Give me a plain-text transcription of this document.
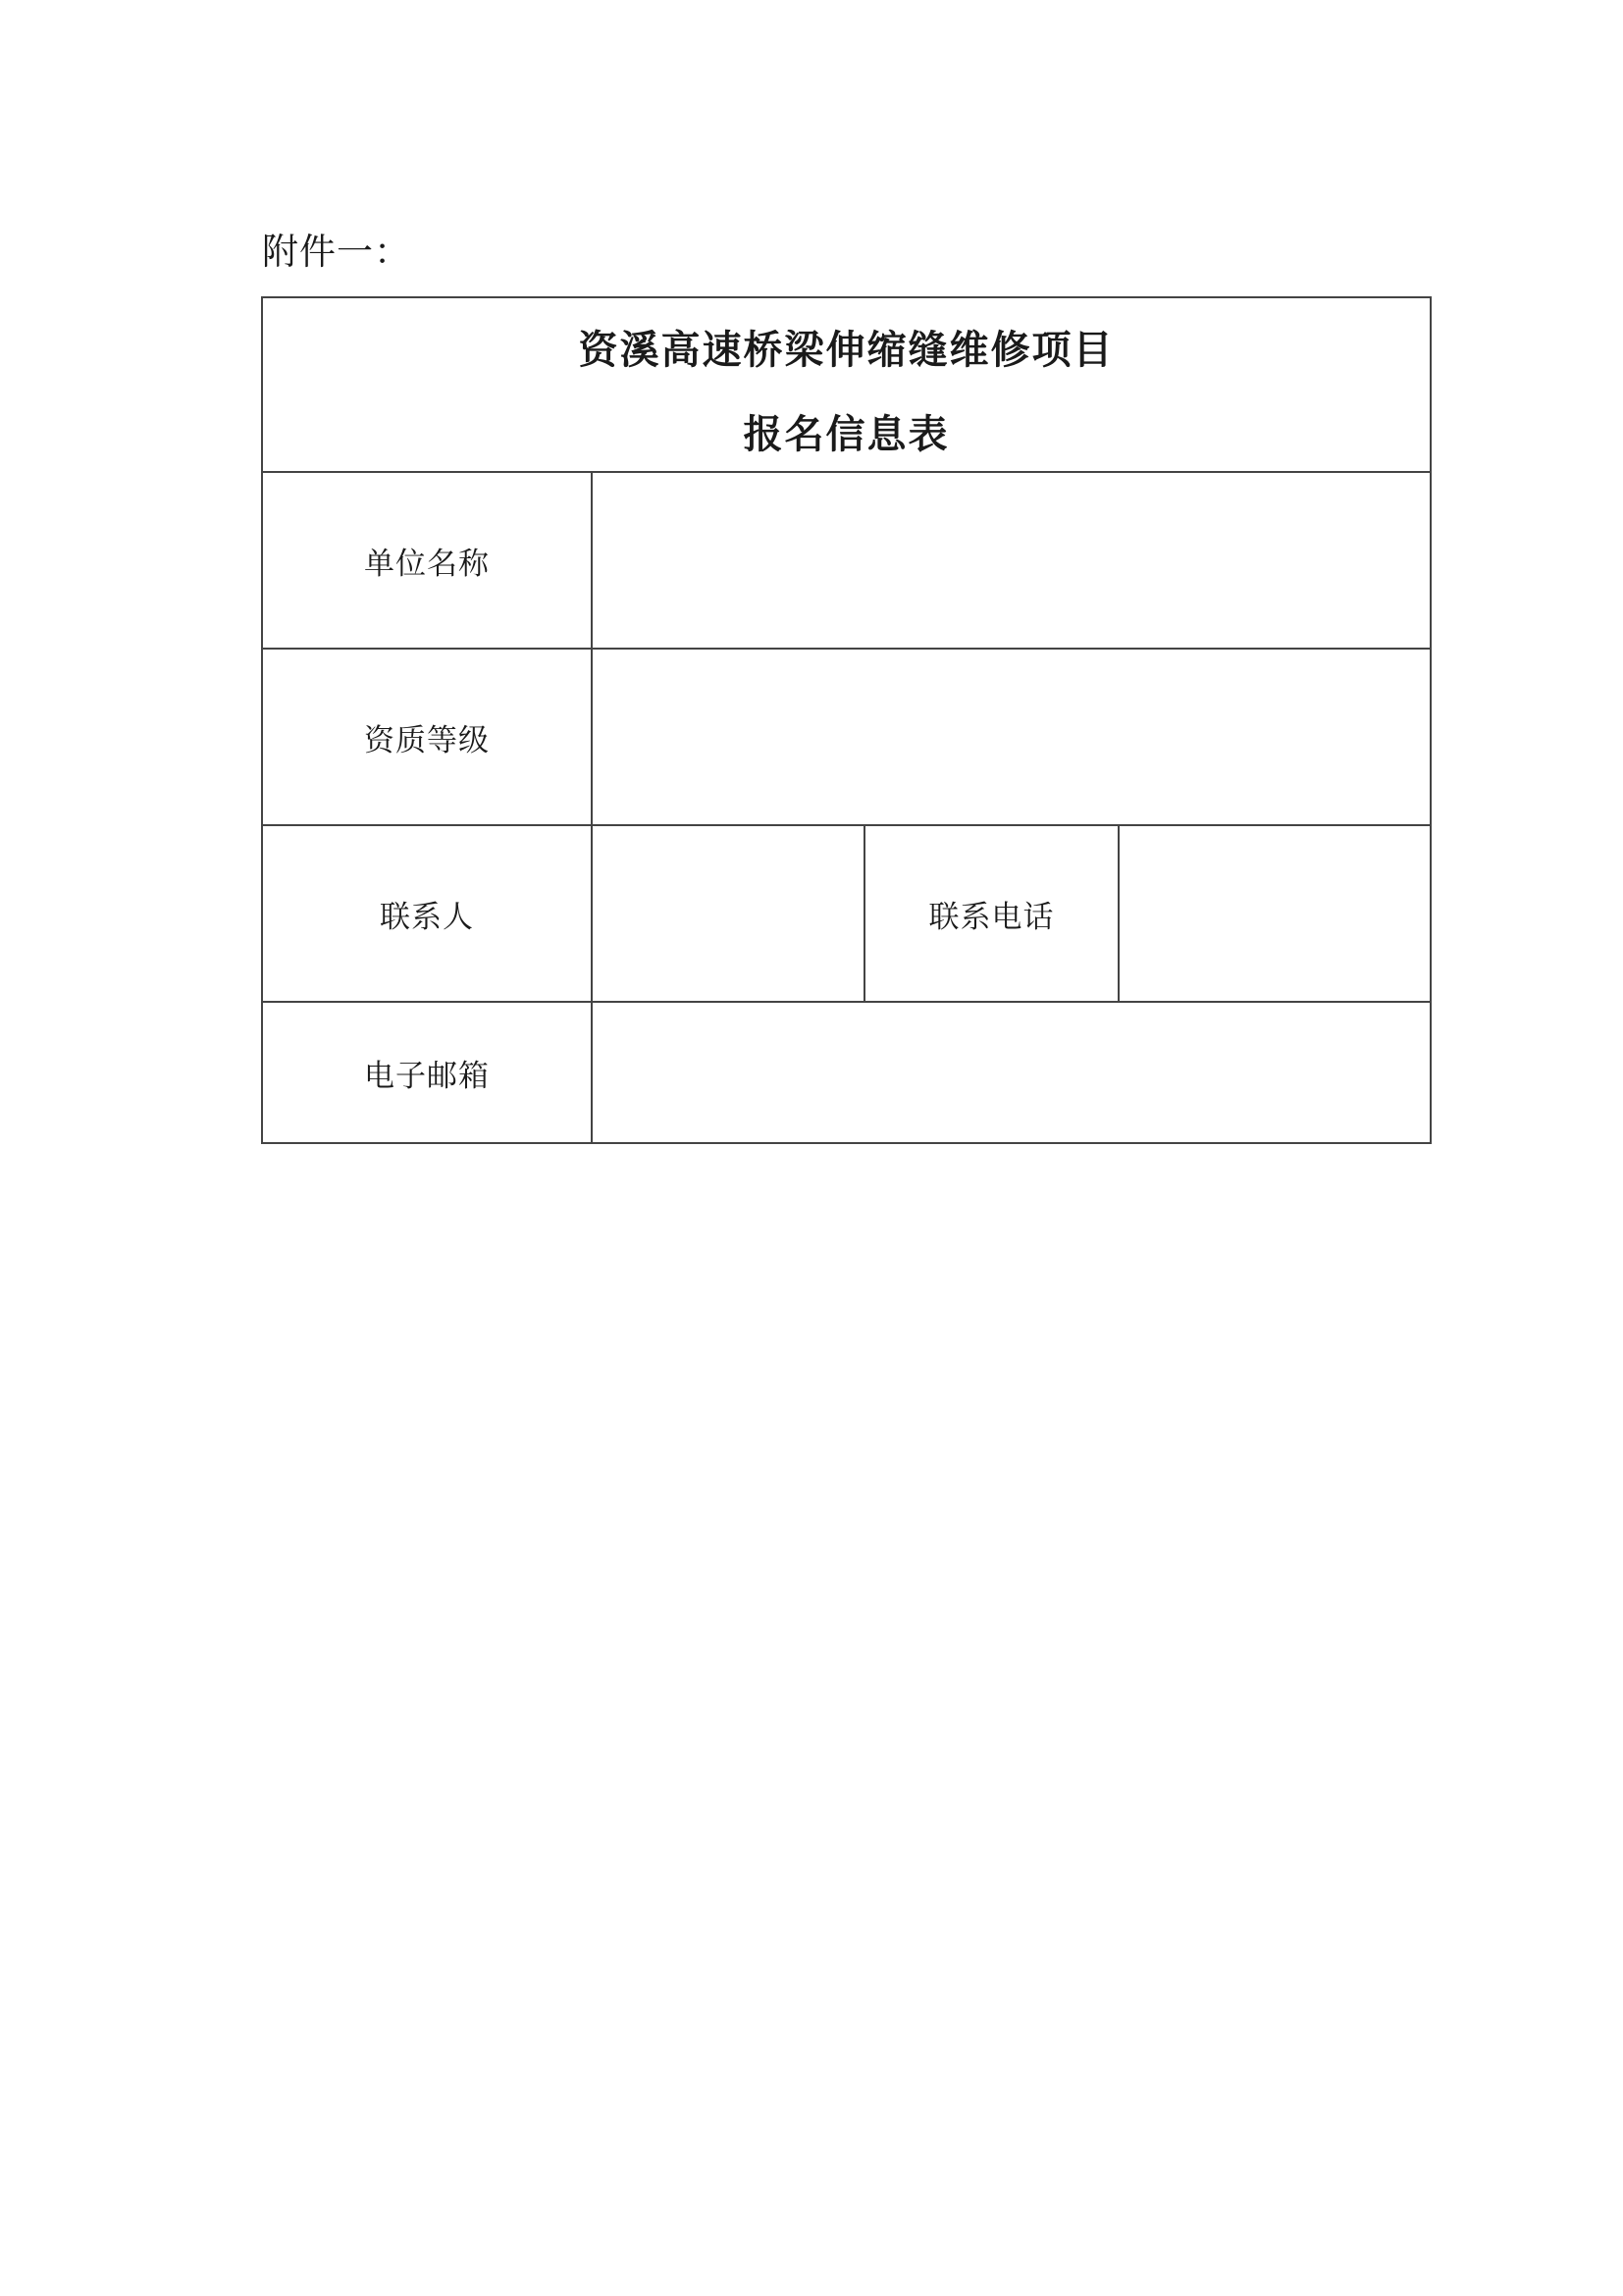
附件一：
资溪高速桥梁伸缩缝维修项目
报名信息表
单位名称
资质等级
联系人	联系电话
电子邮箱
